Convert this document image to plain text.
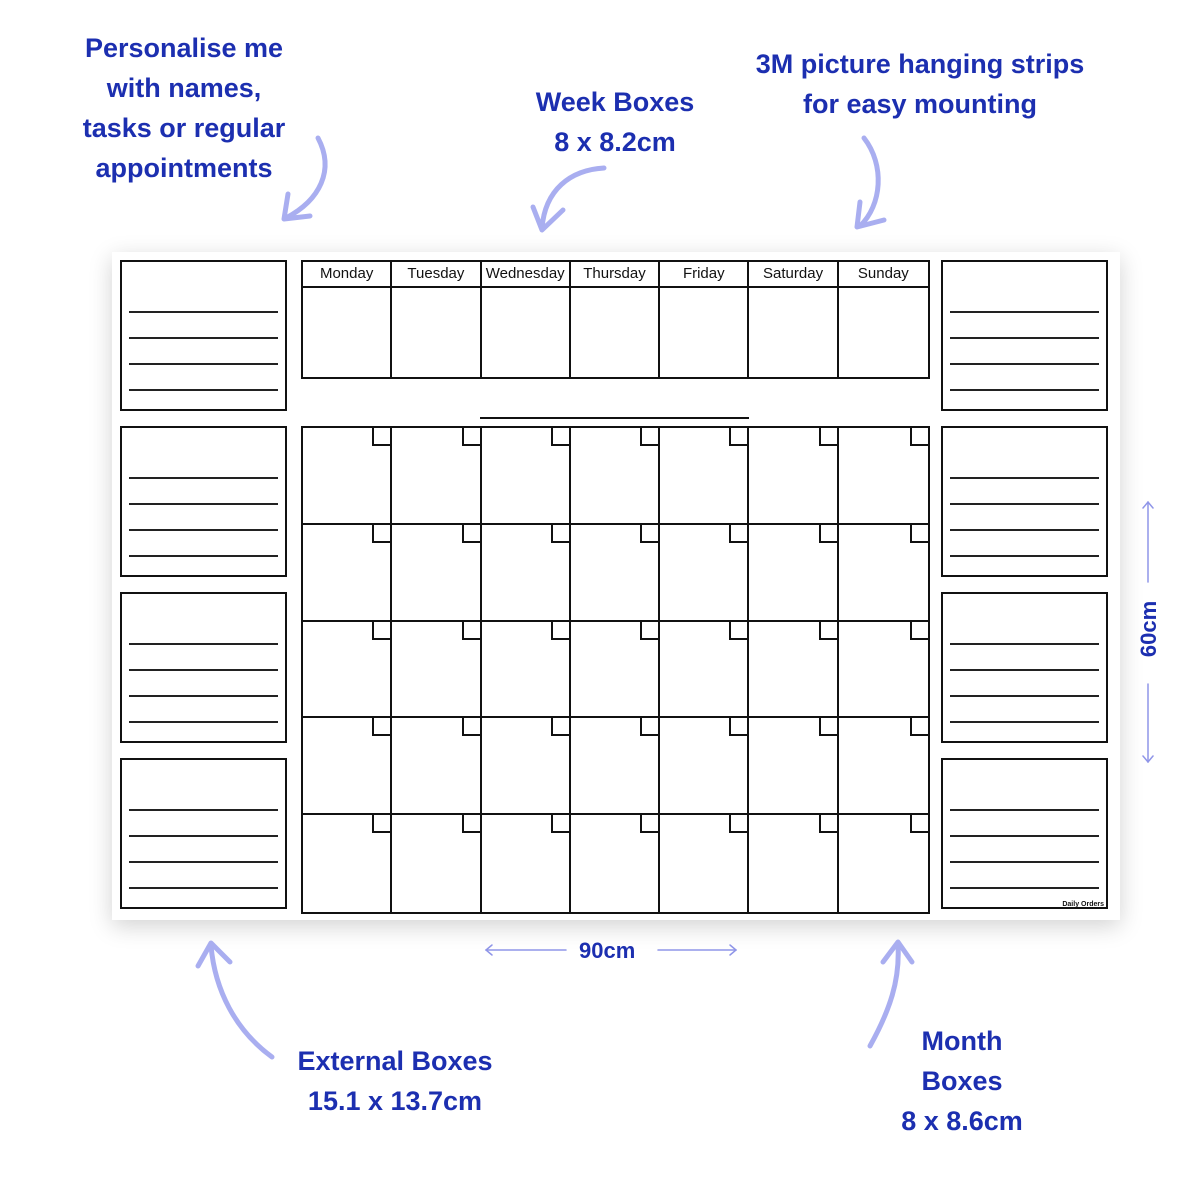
Personalise me
with names,
tasks or regular
appointments
Week Boxes
8 x 8.2cm
3M picture hanging strips
for easy mounting
External Boxes
15.1 x 13.7cm
Month
Boxes
8 x 8.6cm
Monday	Tuesday	Wednesday	Thursday	Friday	Saturday	Sunday
Daily Orders
90cm
60cm
